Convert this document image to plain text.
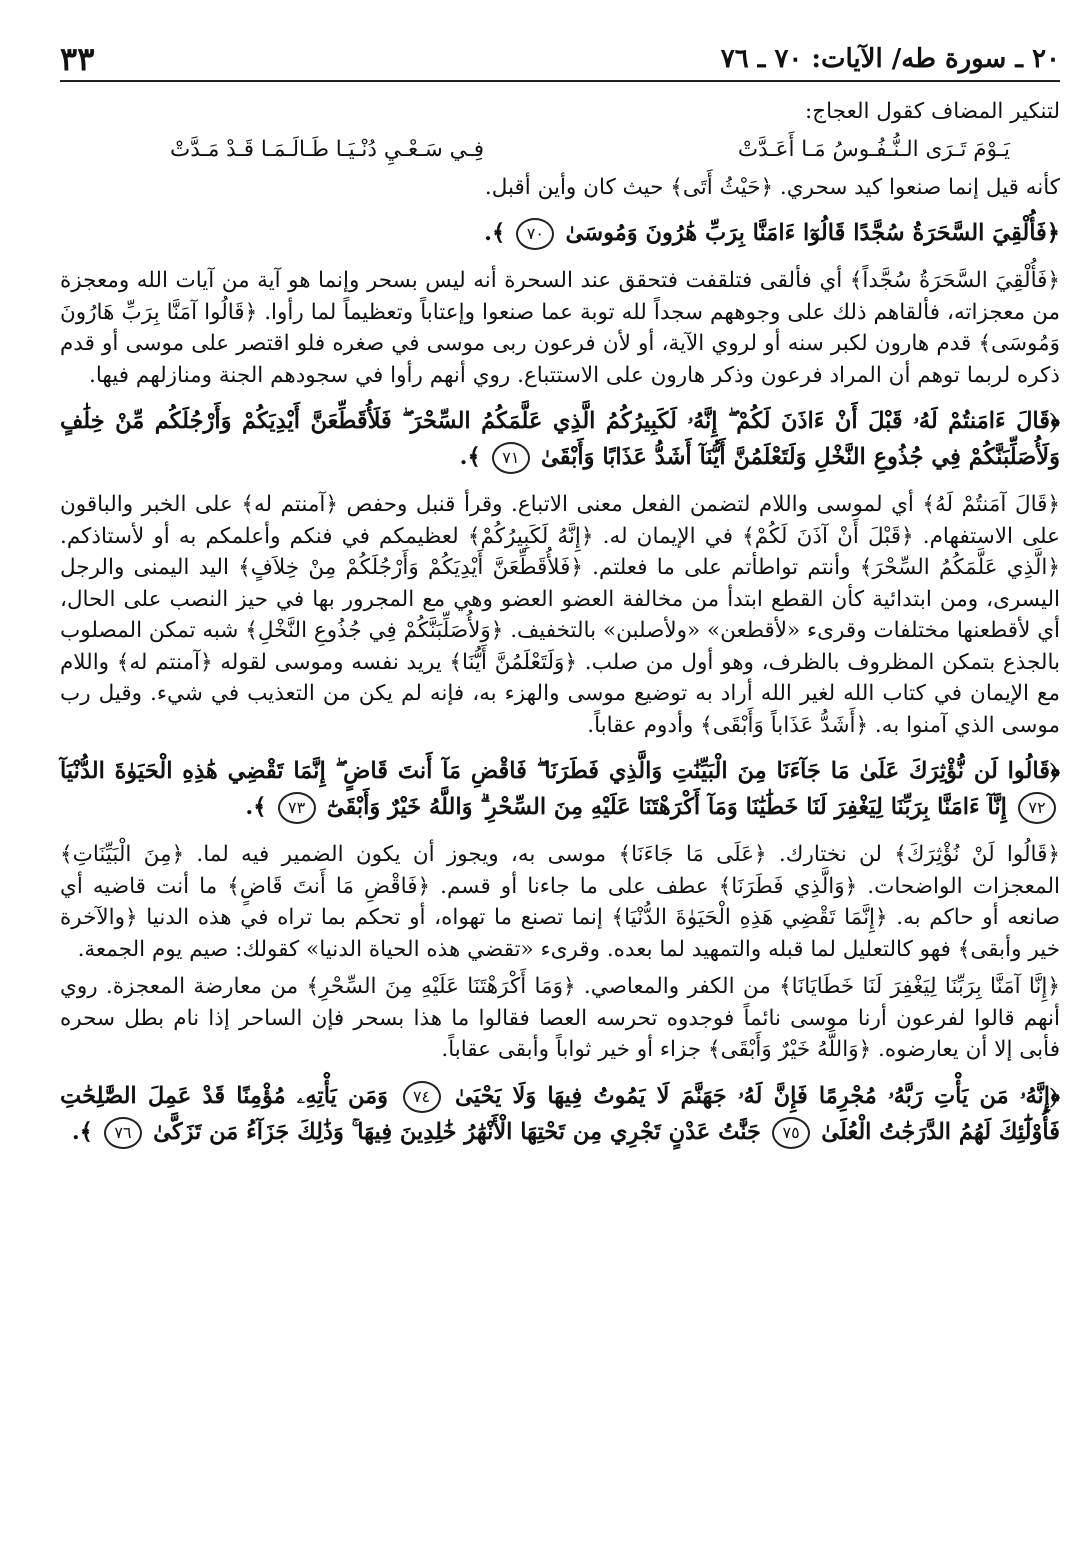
٢٠ ـ سورة طه/ الآيات: ٧٠ ـ ٧٦
٣٣

لتنكير المضاف كقول العجاج:

يَـوْمَ تَـرَى الـنُّـفُـوسُ مَـا أَعَـدَّتْ
فِـي سَـعْـيِ دُنْـيَـا طَـالَـمَـا قَـدْ مَـدَّتْ

كأنه قيل إنما صنعوا كيد سحري. ﴿حَيْثُ أَتَى﴾ حيث كان وأين أقبل.

﴿فَأُلْقِيَ السَّحَرَةُ سُجَّدًا قَالُوٓا ءَامَنَّا بِرَبِّ هَٰرُونَ وَمُوسَىٰ ٧٠ ﴾.

﴿فَأُلْقِيَ السَّحَرَةُ سُجَّداً﴾ أي فألقى فتلقفت فتحقق عند السحرة أنه ليس بسحر وإنما هو آية من آيات الله ومعجزة من معجزاته، فألقاهم ذلك على وجوههم سجداً لله توبة عما صنعوا وإعتاباً وتعظيماً لما رأوا. ﴿قَالُوا آمَنَّا بِرَبِّ هَارُونَ وَمُوسَى﴾ قدم هارون لكبر سنه أو لروي الآية، أو لأن فرعون ربى موسى في صغره فلو اقتصر على موسى أو قدم ذكره لربما توهم أن المراد فرعون وذكر هارون على الاستتباع. روي أنهم رأوا في سجودهم الجنة ومنازلهم فيها.

﴿قَالَ ءَامَنتُمْ لَهُۥ قَبْلَ أَنْ ءَاذَنَ لَكُمْ ۖ إِنَّهُۥ لَكَبِيرُكُمُ الَّذِي عَلَّمَكُمُ السِّحْرَ ۖ فَلَأُقَطِّعَنَّ أَيْدِيَكُمْ وَأَرْجُلَكُم مِّنْ خِلَٰفٍ وَلَأُصَلِّبَنَّكُمْ فِي جُذُوعِ النَّخْلِ وَلَتَعْلَمُنَّ أَيُّنَآ أَشَدُّ عَذَابًا وَأَبْقَىٰ ٧١ ﴾.

﴿قَالَ آمَنتُمْ لَهُ﴾ أي لموسى واللام لتضمن الفعل معنى الاتباع. وقرأ قنبل وحفص ﴿آمنتم له﴾ على الخبر والباقون على الاستفهام. ﴿قَبْلَ أَنْ آذَنَ لَكُمْ﴾ في الإيمان له. ﴿إِنَّهُ لَكَبِيرُكُمْ﴾ لعظيمكم في فنكم وأعلمكم به أو لأستاذكم. ﴿الَّذِي عَلَّمَكُمُ السِّحْرَ﴾ وأنتم تواطأتم على ما فعلتم. ﴿فَلأُقَطِّعَنَّ أَيْدِيَكُمْ وَأَرْجُلَكُمْ مِنْ خِلاَفٍ﴾ اليد اليمنى والرجل اليسرى، ومن ابتدائية كأن القطع ابتدأ من مخالفة العضو العضو وهي مع المجرور بها في حيز النصب على الحال، أي لأقطعنها مختلفات وقرىء «لأقطعن» «ولأصلبن» بالتخفيف. ﴿وَلأُصَلِّبَنَّكُمْ فِي جُذُوعِ النَّخْلِ﴾ شبه تمكن المصلوب بالجذع بتمكن المظروف بالظرف، وهو أول من صلب. ﴿وَلَتَعْلَمُنَّ أَيُّنَا﴾ يريد نفسه وموسى لقوله ﴿آمنتم له﴾ واللام مع الإيمان في كتاب الله لغير الله أراد به توضيع موسى والهزء به، فإنه لم يكن من التعذيب في شيء. وقيل رب موسى الذي آمنوا به. ﴿أَشَدُّ عَذَاباً وَأَبْقَى﴾ وأدوم عقاباً.

﴿قَالُوا لَن نُّؤْثِرَكَ عَلَىٰ مَا جَآءَنَا مِنَ الْبَيِّنَٰتِ وَالَّذِي فَطَرَنَا ۖ فَاقْضِ مَآ أَنتَ قَاضٍ ۖ إِنَّمَا تَقْضِي هَٰذِهِ الْحَيَوٰةَ الدُّنْيَآ ٧٢ إِنَّآ ءَامَنَّا بِرَبِّنَا لِيَغْفِرَ لَنَا خَطَٰيَٰنَا وَمَآ أَكْرَهْتَنَا عَلَيْهِ مِنَ السِّحْرِ ۗ وَاللَّهُ خَيْرٌ وَأَبْقَىٰٓ ٧٣ ﴾.

﴿قَالُوا لَنْ نُؤْثِرَكَ﴾ لن نختارك. ﴿عَلَى مَا جَاءَنَا﴾ موسى به، ويجوز أن يكون الضمير فيه لما. ﴿مِنَ الْبَيِّنَاتِ﴾ المعجزات الواضحات. ﴿وَالَّذِي فَطَرَنَا﴾ عطف على ما جاءنا أو قسم. ﴿فَاقْضِ مَا أَنتَ قَاضٍ﴾ ما أنت قاضيه أي صانعه أو حاكم به. ﴿إِنَّمَا تَقْضِي هَذِهِ الْحَيَوٰةَ الدُّنْيَا﴾ إنما تصنع ما تهواه، أو تحكم بما تراه في هذه الدنيا ﴿والآخرة خير وأبقى﴾ فهو كالتعليل لما قبله والتمهيد لما بعده. وقرىء «تقضي هذه الحياة الدنيا» كقولك: صيم يوم الجمعة.

﴿إِنَّا آمَنَّا بِرَبِّنَا لِيَغْفِرَ لَنَا خَطَايَانَا﴾ من الكفر والمعاصي. ﴿وَمَا أَكْرَهْتَنَا عَلَيْهِ مِنَ السِّحْرِ﴾ من معارضة المعجزة. روي أنهم قالوا لفرعون أرنا موسى نائماً فوجدوه تحرسه العصا فقالوا ما هذا بسحر فإن الساحر إذا نام بطل سحره فأبى إلا أن يعارضوه. ﴿وَاللَّهُ خَيْرٌ وَأَبْقَى﴾ جزاء أو خير ثواباً وأبقى عقاباً.

﴿إِنَّهُۥ مَن يَأْتِ رَبَّهُۥ مُجْرِمًا فَإِنَّ لَهُۥ جَهَنَّمَ لَا يَمُوتُ فِيهَا وَلَا يَحْيَىٰ ٧٤ وَمَن يَأْتِهِۦ مُؤْمِنًا قَدْ عَمِلَ الصَّٰلِحَٰتِ فَأُوْلَٰٓئِكَ لَهُمُ الدَّرَجَٰتُ الْعُلَىٰ ٧٥ جَنَّٰتُ عَدْنٍ تَجْرِي مِن تَحْتِهَا الْأَنْهَٰرُ خَٰلِدِينَ فِيهَا ۚ وَذَٰلِكَ جَزَآءُ مَن تَزَكَّىٰ ٧٦ ﴾.
